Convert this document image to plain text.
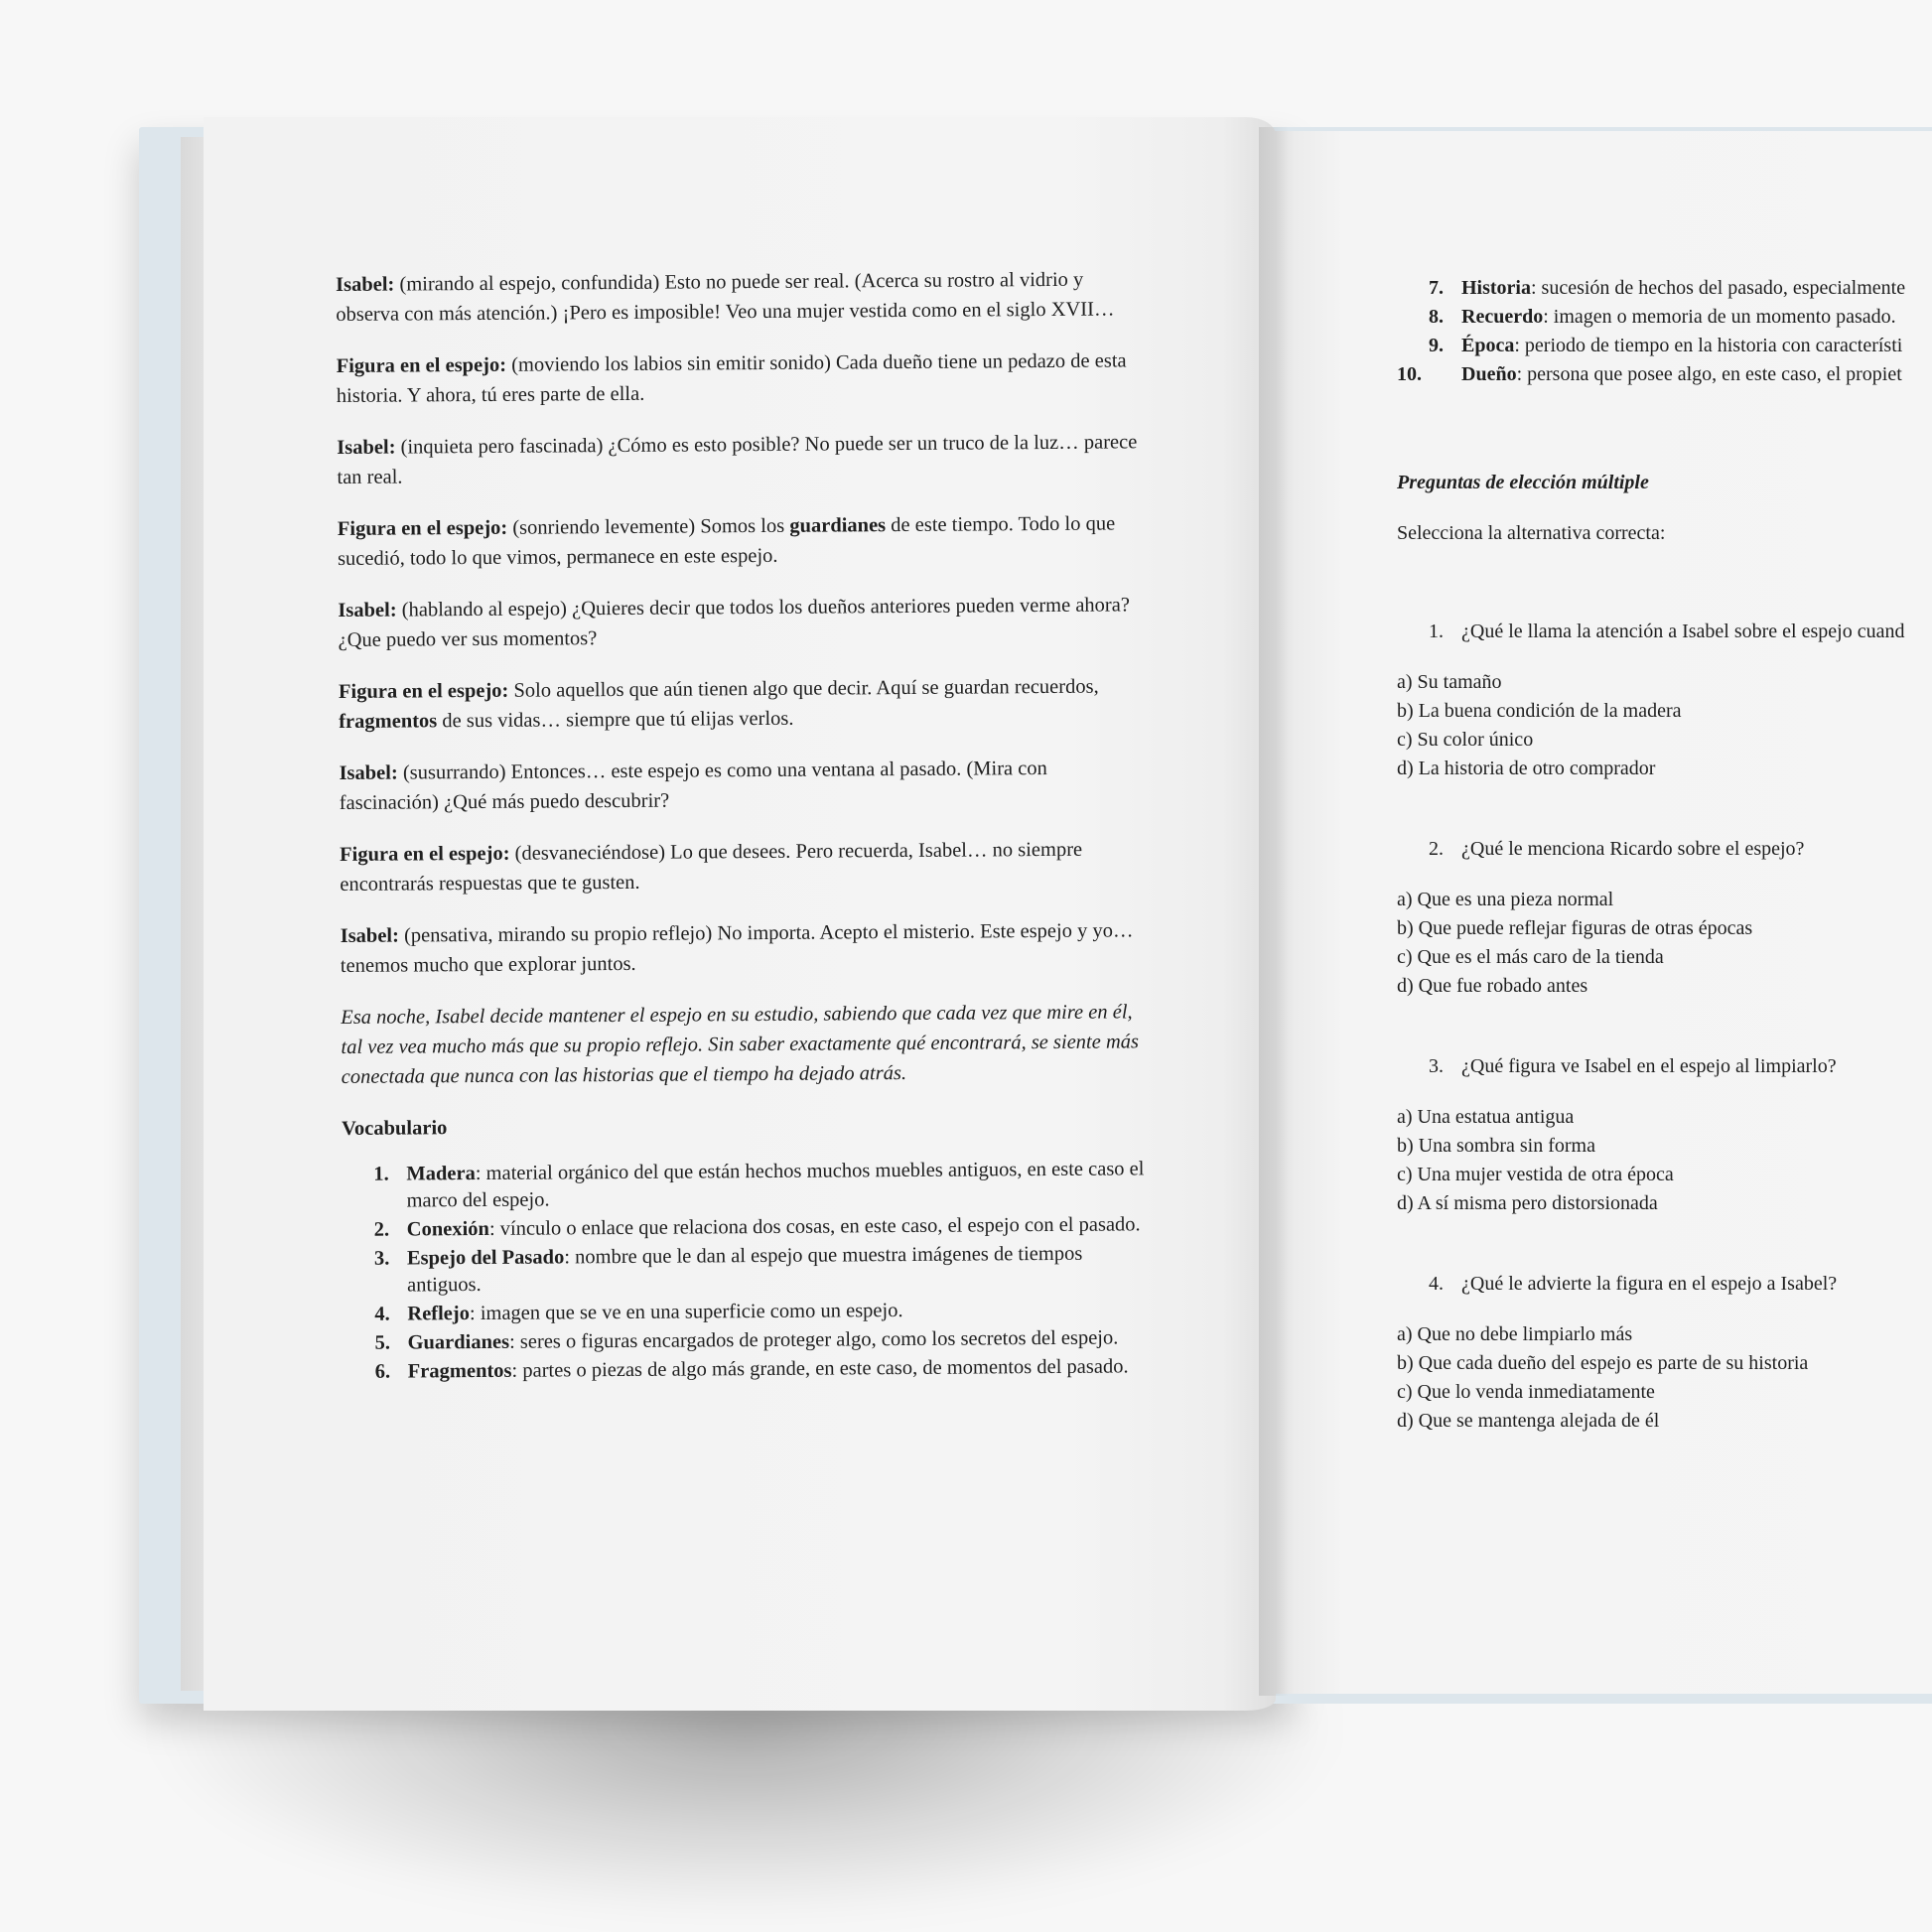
Isabel: (mirando al espejo, confundida) Esto no puede ser real. (Acerca su rostro al vidrio y observa con más atención.) ¡Pero es imposible! Veo una mujer vestida como en el siglo XVII…

Figura en el espejo: (moviendo los labios sin emitir sonido) Cada dueño tiene un pedazo de esta historia. Y ahora, tú eres parte de ella.

Isabel: (inquieta pero fascinada) ¿Cómo es esto posible? No puede ser un truco de la luz… parece tan real.

Figura en el espejo: (sonriendo levemente) Somos los guardianes de este tiempo. Todo lo que sucedió, todo lo que vimos, permanece en este espejo.

Isabel: (hablando al espejo) ¿Quieres decir que todos los dueños anteriores pueden verme ahora? ¿Que puedo ver sus momentos?

Figura en el espejo: Solo aquellos que aún tienen algo que decir. Aquí se guardan recuerdos, fragmentos de sus vidas… siempre que tú elijas verlos.

Isabel: (susurrando) Entonces… este espejo es como una ventana al pasado. (Mira con fascinación) ¿Qué más puedo descubrir?

Figura en el espejo: (desvaneciéndose) Lo que desees. Pero recuerda, Isabel… no siempre encontrarás respuestas que te gusten.

Isabel: (pensativa, mirando su propio reflejo) No importa. Acepto el misterio. Este espejo y yo… tenemos mucho que explorar juntos.

Esa noche, Isabel decide mantener el espejo en su estudio, sabiendo que cada vez que mire en él, tal vez vea mucho más que su propio reflejo. Sin saber exactamente qué encontrará, se siente más conectada que nunca con las historias que el tiempo ha dejado atrás.

Vocabulario
1. Madera: material orgánico del que están hechos muchos muebles antiguos, en este caso el marco del espejo.
2. Conexión: vínculo o enlace que relaciona dos cosas, en este caso, el espejo con el pasado.
3. Espejo del Pasado: nombre que le dan al espejo que muestra imágenes de tiempos antiguos.
4. Reflejo: imagen que se ve en una superficie como un espejo.
5. Guardianes: seres o figuras encargados de proteger algo, como los secretos del espejo.
6. Fragmentos: partes o piezas de algo más grande, en este caso, de momentos del pasado.
7. Historia: sucesión de hechos del pasado, especialmente
8. Recuerdo: imagen o memoria de un momento pasado.
9. Época: periodo de tiempo en la historia con característi
10. Dueño: persona que posee algo, en este caso, el propiet
Preguntas de elección múltiple
Selecciona la alternativa correcta:
1. ¿Qué le llama la atención a Isabel sobre el espejo cuand
a) Su tamaño
b) La buena condición de la madera
c) Su color único
d) La historia de otro comprador
2. ¿Qué le menciona Ricardo sobre el espejo?
a) Que es una pieza normal
b) Que puede reflejar figuras de otras épocas
c) Que es el más caro de la tienda
d) Que fue robado antes
3. ¿Qué figura ve Isabel en el espejo al limpiarlo?
a) Una estatua antigua
b) Una sombra sin forma
c) Una mujer vestida de otra época
d) A sí misma pero distorsionada
4. ¿Qué le advierte la figura en el espejo a Isabel?
a) Que no debe limpiarlo más
b) Que cada dueño del espejo es parte de su historia
c) Que lo venda inmediatamente
d) Que se mantenga alejada de él
